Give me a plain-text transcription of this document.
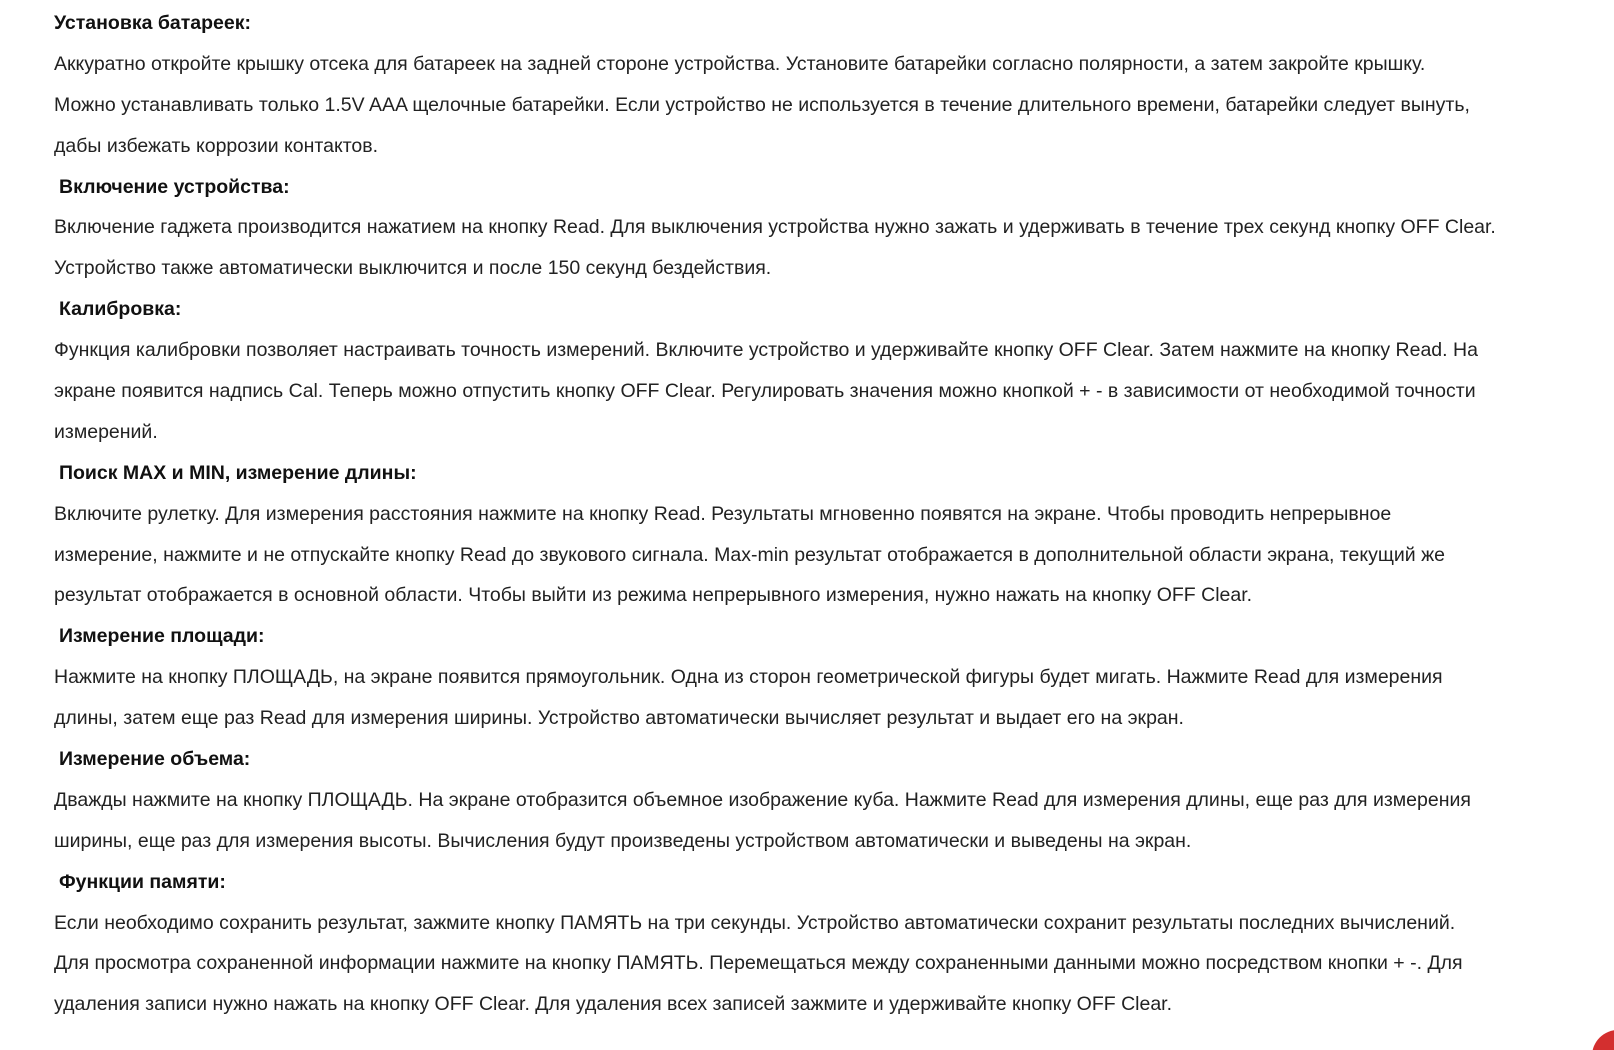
Установка батареек:
Аккуратно откройте крышку отсека для батареек на задней стороне устройства. Установите батарейки согласно полярности, а затем закройте крышку.
Можно устанавливать только 1.5V AAA щелочные батарейки. Если устройство не используется в течение длительного времени, батарейки следует вынуть,
дабы избежать коррозии контактов.
Включение устройства:
Включение гаджета производится нажатием на кнопку Read. Для выключения устройства нужно зажать и удерживать в течение трех секунд кнопку OFF Clear.
Устройство также автоматически выключится и после 150 секунд бездействия.
Калибровка:
Функция калибровки позволяет настраивать точность измерений. Включите устройство и удерживайте кнопку OFF Clear. Затем нажмите на кнопку Read. На
экране появится надпись Cal. Теперь можно отпустить кнопку OFF Clear. Регулировать значения можно кнопкой + - в зависимости от необходимой точности
измерений.
Поиск MAX и MIN, измерение длины:
Включите рулетку. Для измерения расстояния нажмите на кнопку Read. Результаты мгновенно появятся на экране. Чтобы проводить непрерывное
измерение, нажмите и не отпускайте кнопку Read до звукового сигнала. Max-min результат отображается в дополнительной области экрана, текущий же
результат отображается в основной области. Чтобы выйти из режима непрерывного измерения, нужно нажать на кнопку OFF Clear.
Измерение площади:
Нажмите на кнопку ПЛОЩАДЬ, на экране появится прямоугольник. Одна из сторон геометрической фигуры будет мигать. Нажмите Read для измерения
длины, затем еще раз Read для измерения ширины. Устройство автоматически вычисляет результат и выдает его на экран.
Измерение объема:
Дважды нажмите на кнопку ПЛОЩАДЬ. На экране отобразится объемное изображение куба. Нажмите Read для измерения длины, еще раз для измерения
ширины, еще раз для измерения высоты. Вычисления будут произведены устройством автоматически и выведены на экран.
Функции памяти:
Если необходимо сохранить результат, зажмите кнопку ПАМЯТЬ на три секунды. Устройство автоматически сохранит результаты последних вычислений.
Для просмотра сохраненной информации нажмите на кнопку ПАМЯТЬ. Перемещаться между сохраненными данными можно посредством кнопки + -. Для
удаления записи нужно нажать на кнопку OFF Clear. Для удаления всех записей зажмите и удерживайте кнопку OFF Clear.
